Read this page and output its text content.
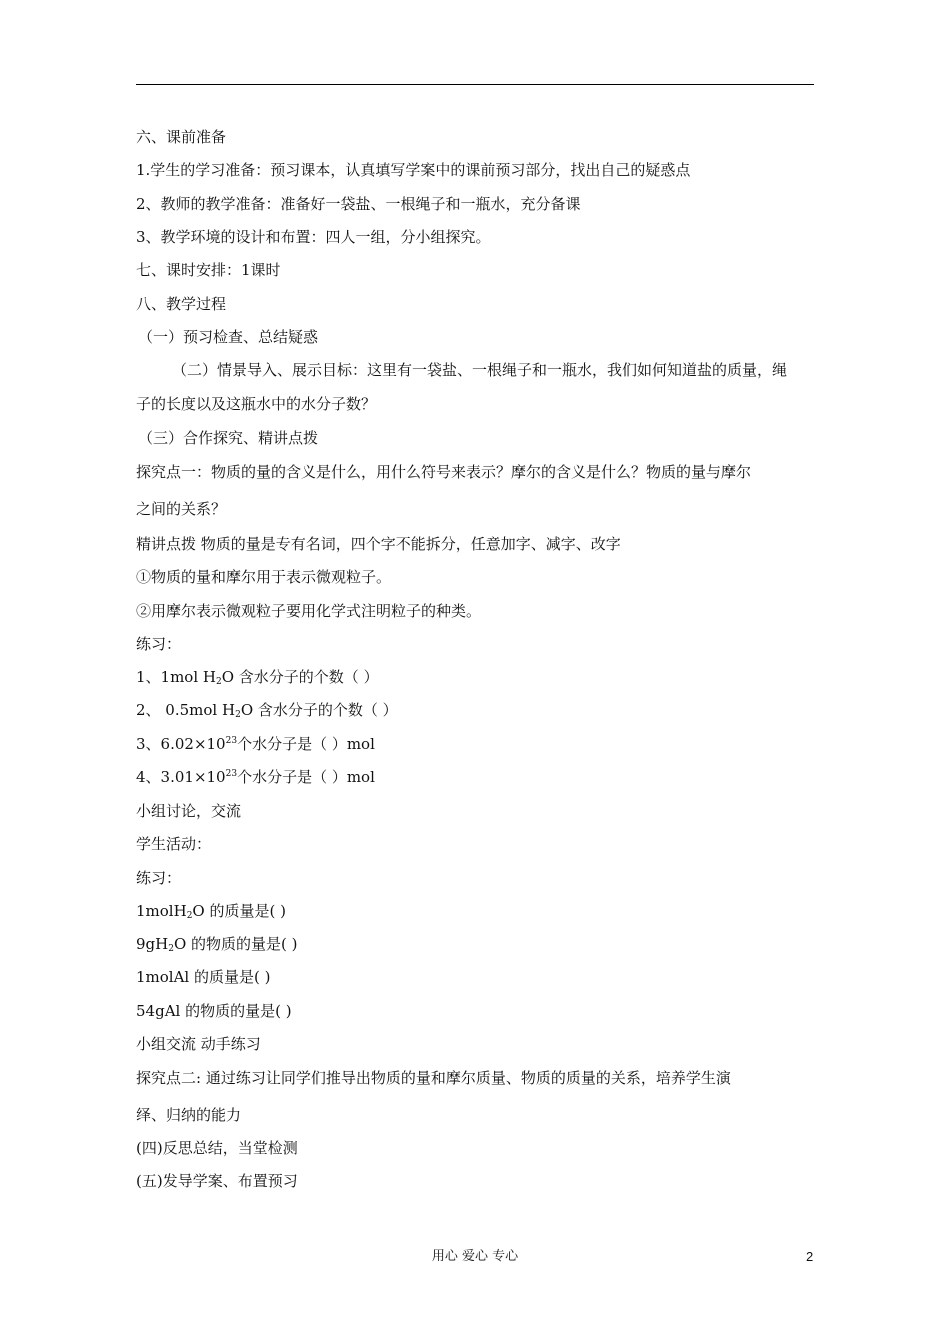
六、课前准备
1.学生的学习准备：预习课本，认真填写学案中的课前预习部分，找出自己的疑惑点
2、教师的教学准备：准备好一袋盐、一根绳子和一瓶水，充分备课
3、教学环境的设计和布置：四人一组，分小组探究。
七、课时安排：1课时
八、教学过程
（一）预习检查、总结疑惑
（二）情景导入、展示目标：这里有一袋盐、一根绳子和一瓶水，我们如何知道盐的质量，绳
子的长度以及这瓶水中的水分子数？
（三）合作探究、精讲点拨
探究点一：物质的量的含义是什么，用什么符号来表示？摩尔的含义是什么？物质的量与摩尔
之间的关系？
精讲点拨 物质的量是专有名词，四个字不能拆分，任意加字、减字、改字
①物质的量和摩尔用于表示微观粒子。
②用摩尔表示微观粒子要用化学式注明粒子的种类。
练习：
1、1mol $H_2O$ 含水分子的个数（ ）
2、 0.5mol $H_2O$ 含水分子的个数（ ）
3、$6.02\times 10^{23}$个水分子是（ ）mol
4、$3.01\times 10^{23}$个水分子是（ ）mol
小组讨论，交流
学生活动：
练习：
1molH$_2$O 的质量是( )
$9gH_2O$ 的物质的量是( )
1molAl 的质量是( )
54gAl 的物质的量是( )
小组交流 动手练习
探究点二: 通过练习让同学们推导出物质的量和摩尔质量、物质的质量的关系，培养学生演
绎、归纳的能力
(四)反思总结，当堂检测
(五)发导学案、布置预习
用心 爱心 专心	2
